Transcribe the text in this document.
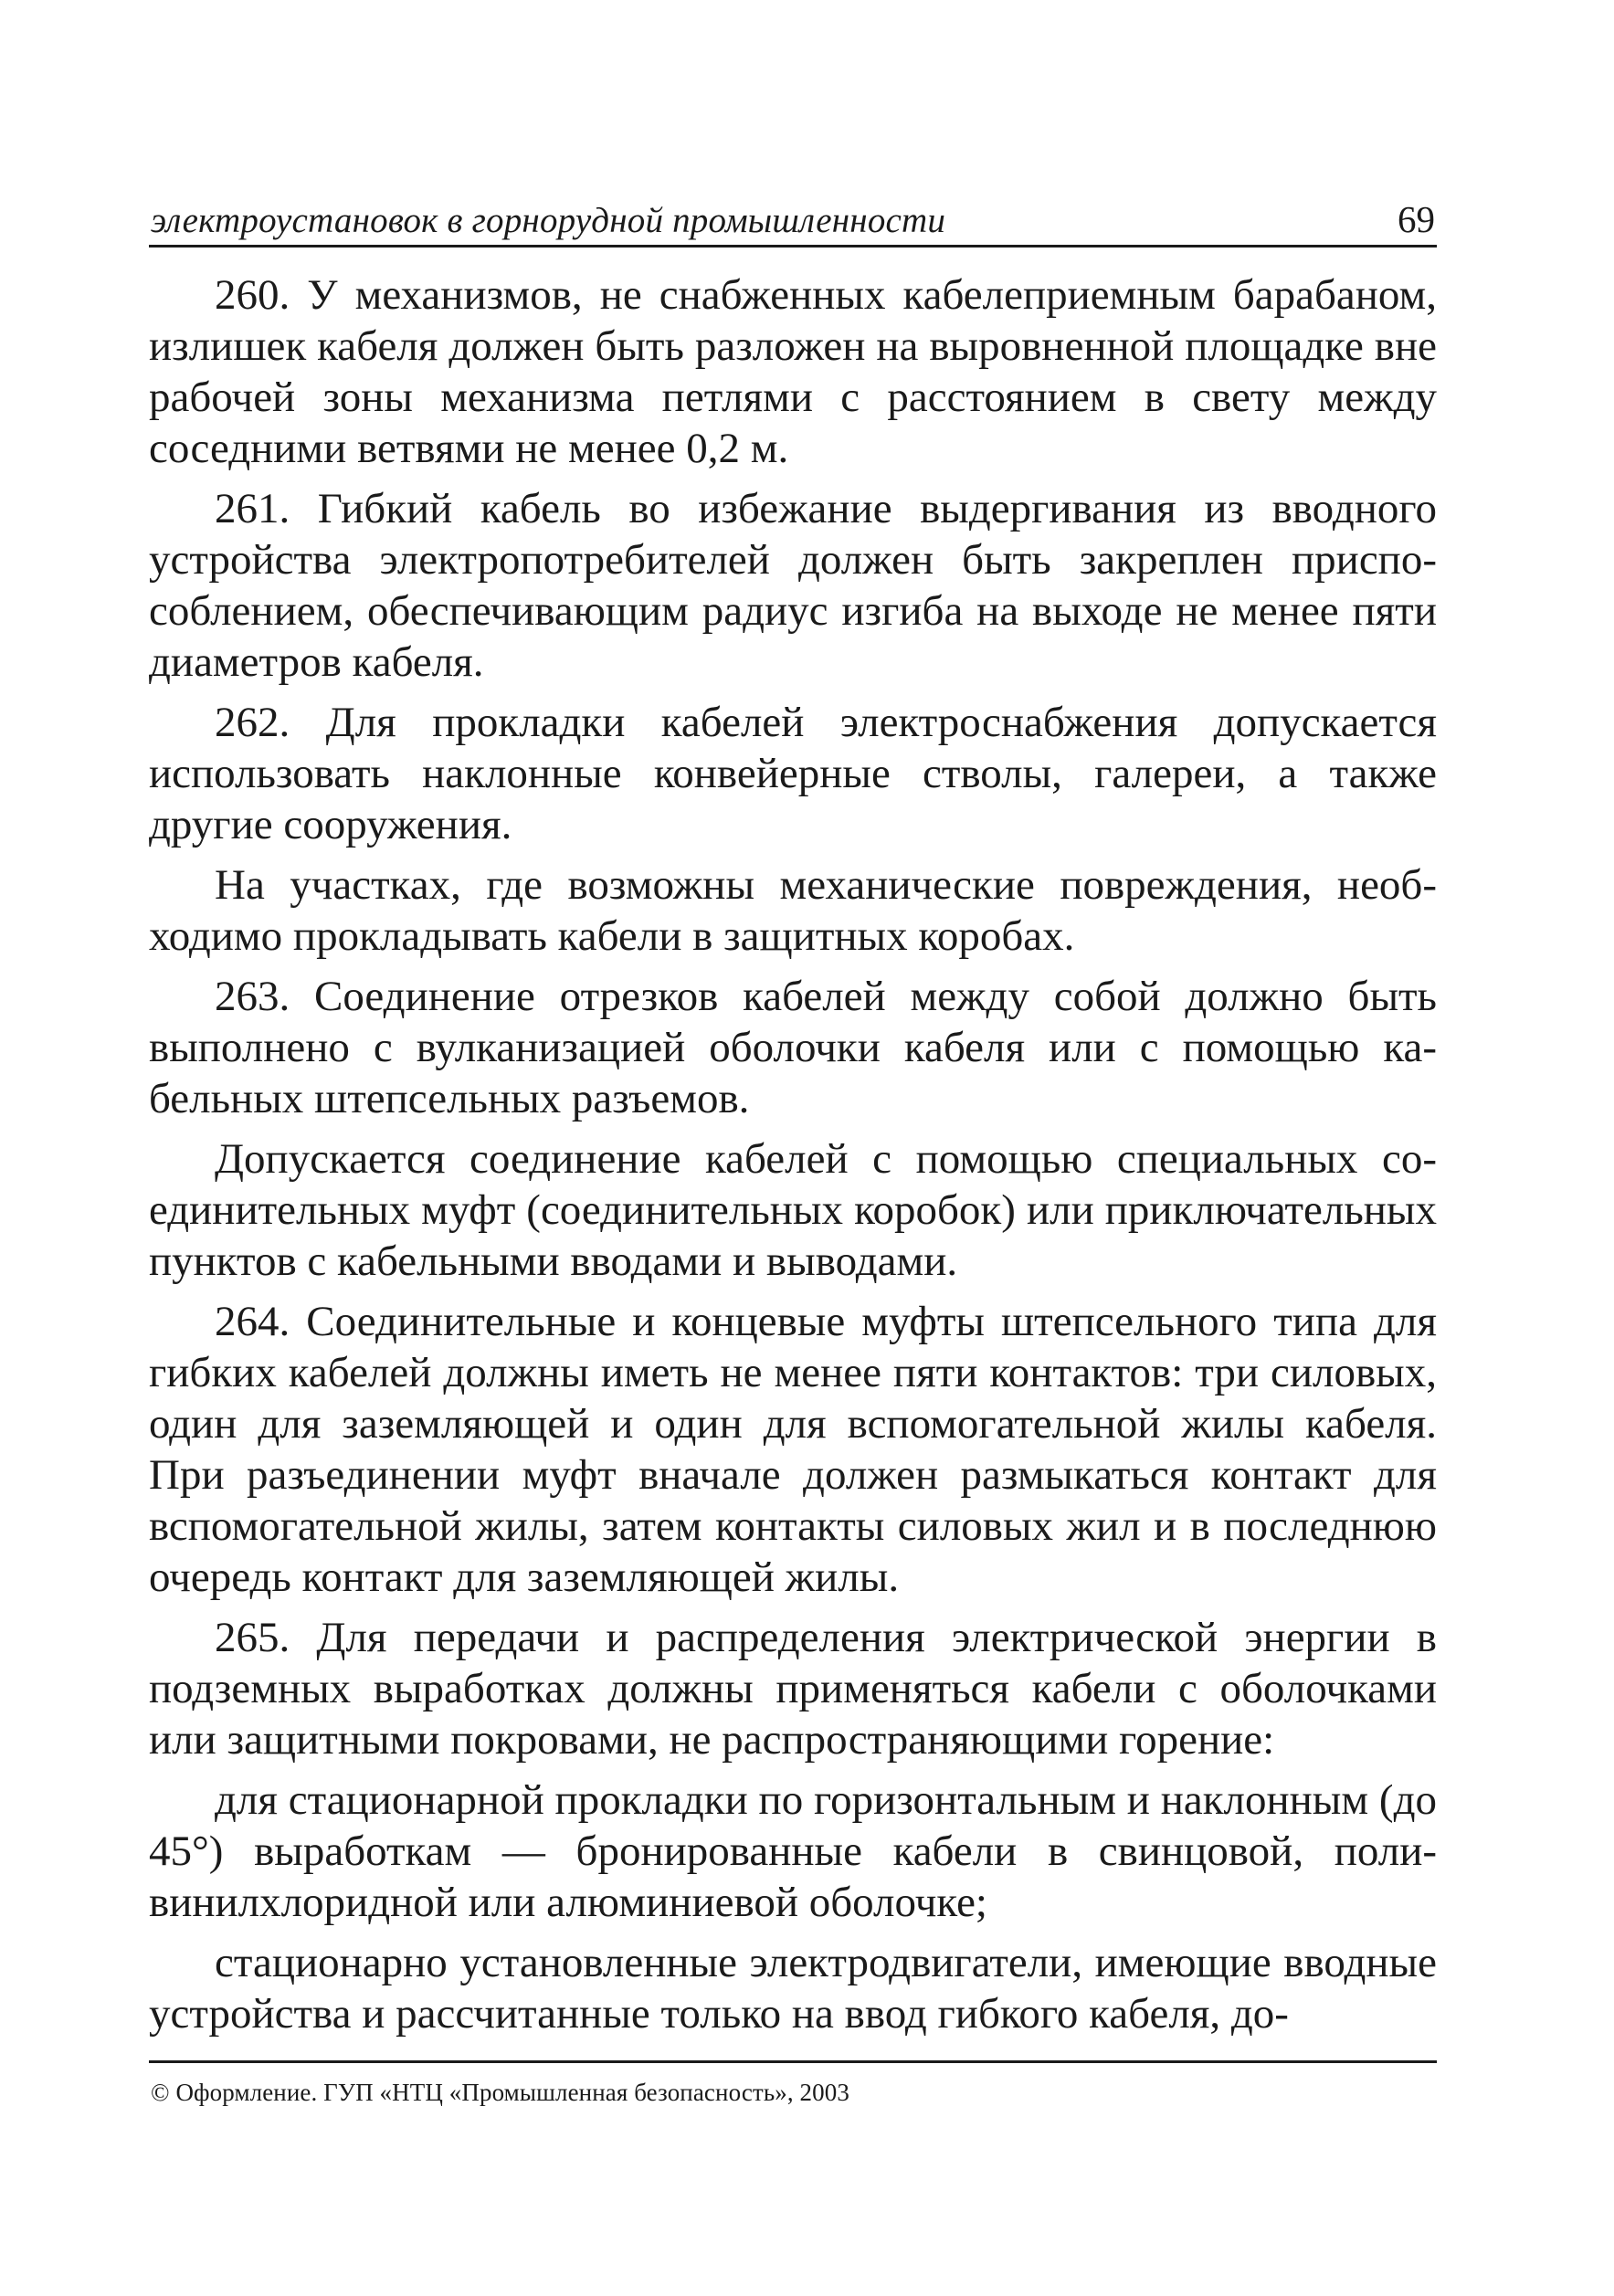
электроустановок в горнорудной промышленности	69

260. У механизмов, не снабженных кабелеприемным барабаном, излишек кабеля должен быть разложен на выровненной площадке вне рабочей зоны механизма петлями с расстоянием в свету между соседними ветвями не менее 0,2 м.

261. Гибкий кабель во избежание выдергивания из вводного устройства электропотребителей должен быть закреплен приспособлением, обеспечивающим радиус изгиба на выходе не менее пяти диаметров кабеля.

262. Для прокладки кабелей электроснабжения допускается использовать наклонные конвейерные стволы, галереи, а также другие сооружения.

На участках, где возможны механические повреждения, необходимо прокладывать кабели в защитных коробах.

263. Соединение отрезков кабелей между собой должно быть выполнено с вулканизацией оболочки кабеля или с помощью кабельных штепсельных разъемов.

Допускается соединение кабелей с помощью специальных соединительных муфт (соединительных коробок) или приключательных пунктов с кабельными вводами и выводами.

264. Соединительные и концевые муфты штепсельного типа для гибких кабелей должны иметь не менее пяти контактов: три силовых, один для заземляющей и один для вспомогательной жилы кабеля. При разъединении муфт вначале должен размыкаться контакт для вспомогательной жилы, затем контакты силовых жил и в последнюю очередь контакт для заземляющей жилы.

265. Для передачи и распределения электрической энергии в подземных выработках должны применяться кабели с оболочками или защитными покровами, не распространяющими горение:

для стационарной прокладки по горизонтальным и наклонным (до 45°) выработкам — бронированные кабели в свинцовой, поливинилхлоридной или алюминиевой оболочке;

стационарно установленные электродвигатели, имеющие вводные устройства и рассчитанные только на ввод гибкого кабеля, до-

© Оформление. ГУП «НТЦ «Промышленная безопасность», 2003
